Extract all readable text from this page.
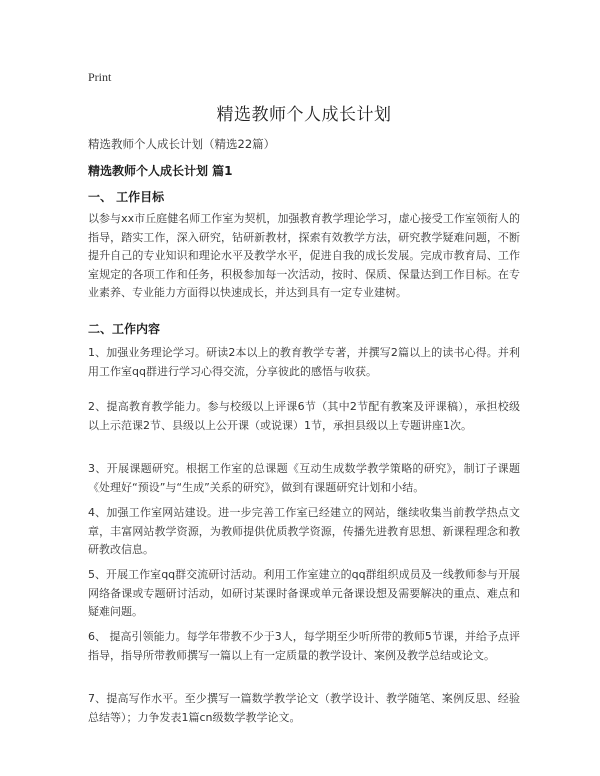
Print
精选教师个人成长计划
精选教师个人成长计划（精选22篇）
精选教师个人成长计划 篇1
一、 工作目标
以参与xx市丘庭健名师工作室为契机，加强教育教学理论学习，虚心接受工作室领衔人的指导，踏实工作，深入研究，钻研新教材，探索有效教学方法，研究教学疑难问题，不断提升自己的专业知识和理论水平及教学水平，促进自我的成长发展。完成市教育局、工作室规定的各项工作和任务，积极参加每一次活动，按时、保质、保量达到工作目标。在专业素养、专业能力方面得以快速成长，并达到具有一定专业建树。
二、工作内容
1、加强业务理论学习。研读2本以上的教育教学专著，并撰写2篇以上的读书心得。并利用工作室qq群进行学习心得交流，分享彼此的感悟与收获。
2、提高教育教学能力。参与校级以上评课6节（其中2节配有教案及评课稿），承担校级以上示范课2节、县级以上公开课（或说课）1节，承担县级以上专题讲座1次。
3、开展课题研究。根据工作室的总课题《互动生成数学教学策略的研究》，制订子课题《处理好“预设”与“生成”关系的研究》，做到有课题研究计划和小结。
4、加强工作室网站建设。进一步完善工作室已经建立的网站，继续收集当前教学热点文章，丰富网站教学资源，为教师提供优质教学资源，传播先进教育思想、新课程理念和教研教改信息。
5、开展工作室qq群交流研讨活动。利用工作室建立的qq群组织成员及一线教师参与开展网络备课或专题研讨活动，如研讨某课时备课或单元备课设想及需要解决的重点、难点和疑难问题。
6、 提高引领能力。每学年带教不少于3人，每学期至少听所带的教师5节课，并给予点评指导，指导所带教师撰写一篇以上有一定质量的教学设计、案例及教学总结或论文。
7、提高写作水平。至少撰写一篇数学教学论文（教学设计、教学随笔、案例反思、经验总结等）；力争发表1篇cn级数学教学论文。
